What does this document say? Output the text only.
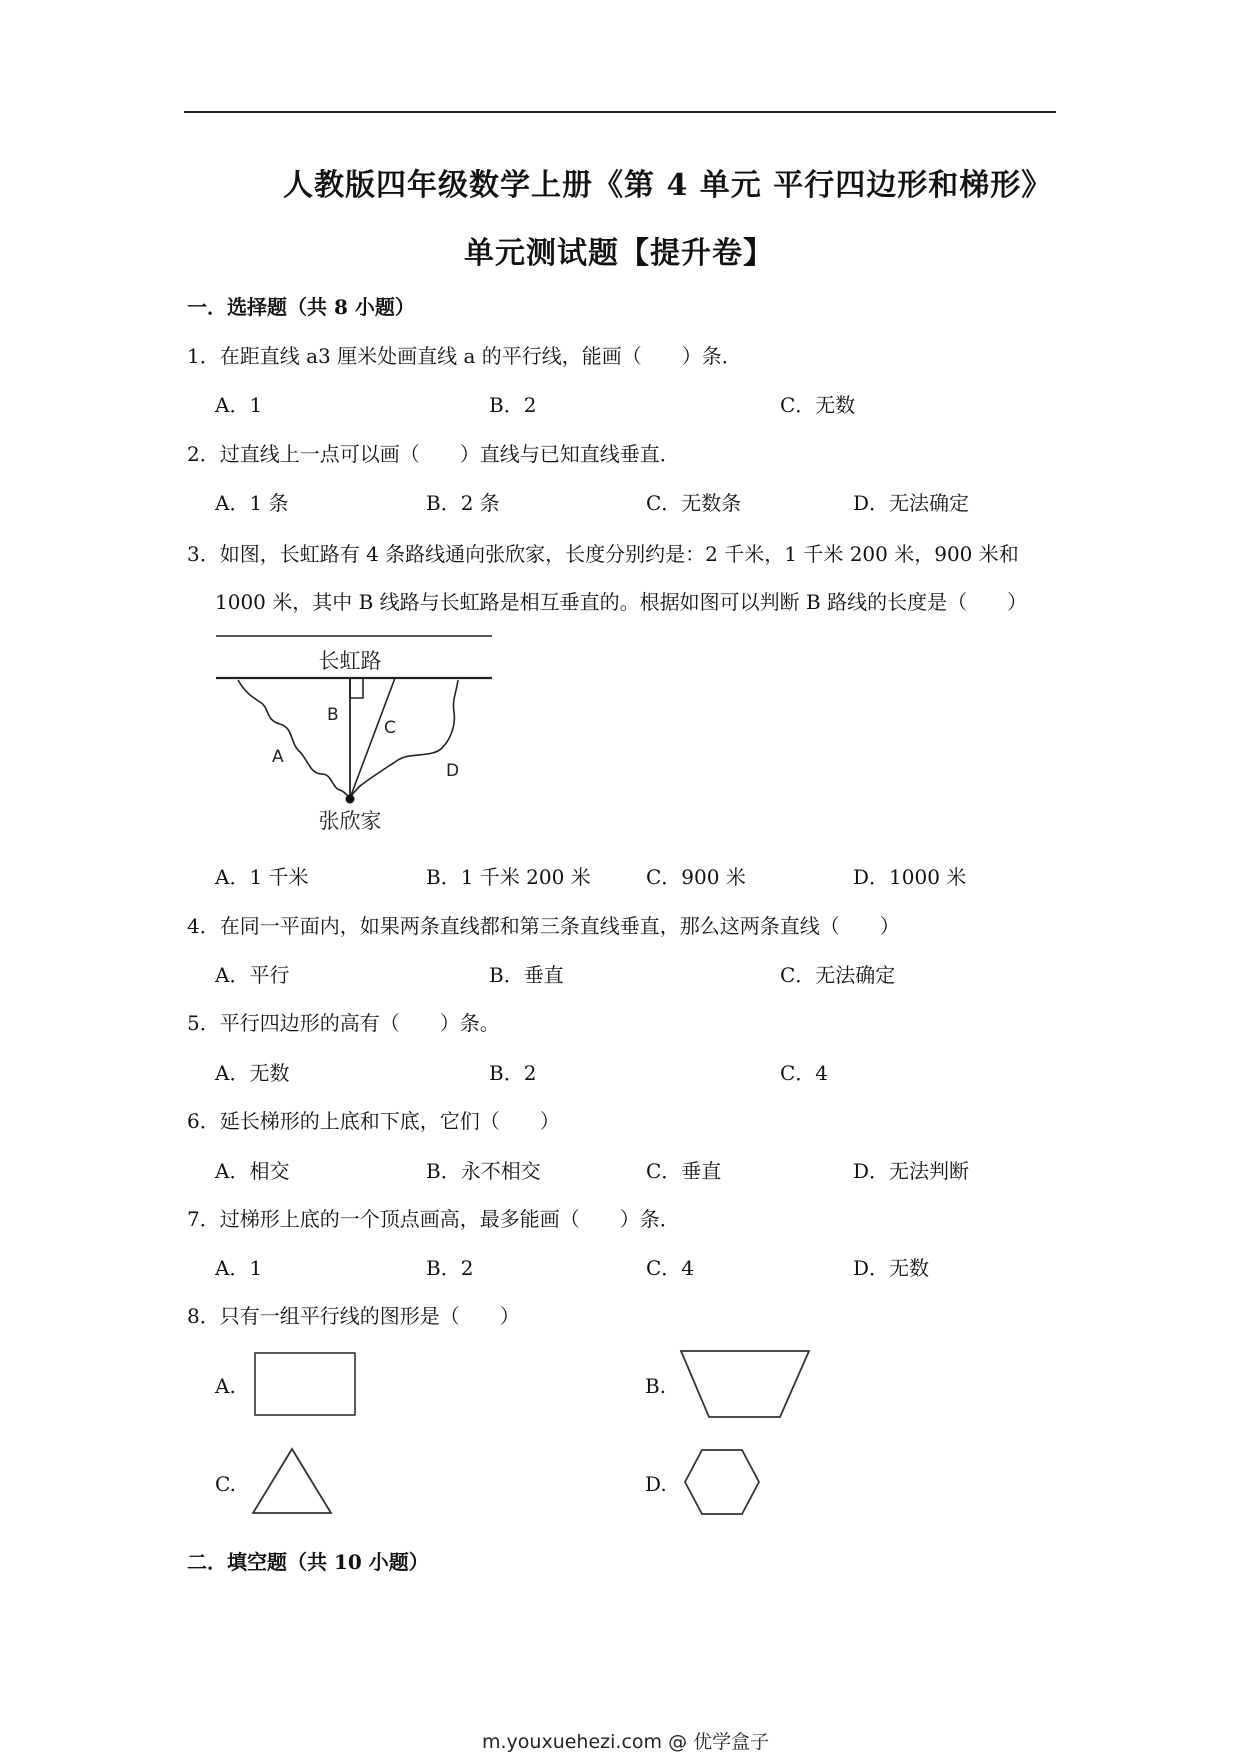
人教版四年级数学上册《第 4 单元 平行四边形和梯形》
单元测试题【提升卷】
一．选择题（共 8 小题）
1．在距直线 a3 厘米处画直线 a 的平行线，能画（　　）条．
A．1	B．2	C．无数
2．过直线上一点可以画（　　）直线与已知直线垂直．
A．1 条	B．2 条	C．无数条	D．无法确定
3．如图，长虹路有 4 条路线通向张欣家，长度分别约是：2 千米，1 千米 200 米，900 米和
1000 米，其中 B 线路与长虹路是相互垂直的。根据如图可以判断 B 路线的长度是（　　）
长虹路
A
B
C
D
张欣家
A．1 千米	B．1 千米 200 米	C．900 米	D．1000 米
4．在同一平面内，如果两条直线都和第三条直线垂直，那么这两条直线（　　）
A．平行	B．垂直	C．无法确定
5．平行四边形的高有（　　）条。
A．无数	B．2	C．4
6．延长梯形的上底和下底，它们（　　）
A．相交	B．永不相交	C．垂直	D．无法判断
7．过梯形上底的一个顶点画高，最多能画（　　）条．
A．1	B．2	C．4	D．无数
8．只有一组平行线的图形是（　　）
A.	B.
C.	D.
二．填空题（共 10 小题）
m.youxuehezi.com @ 优学盒子
